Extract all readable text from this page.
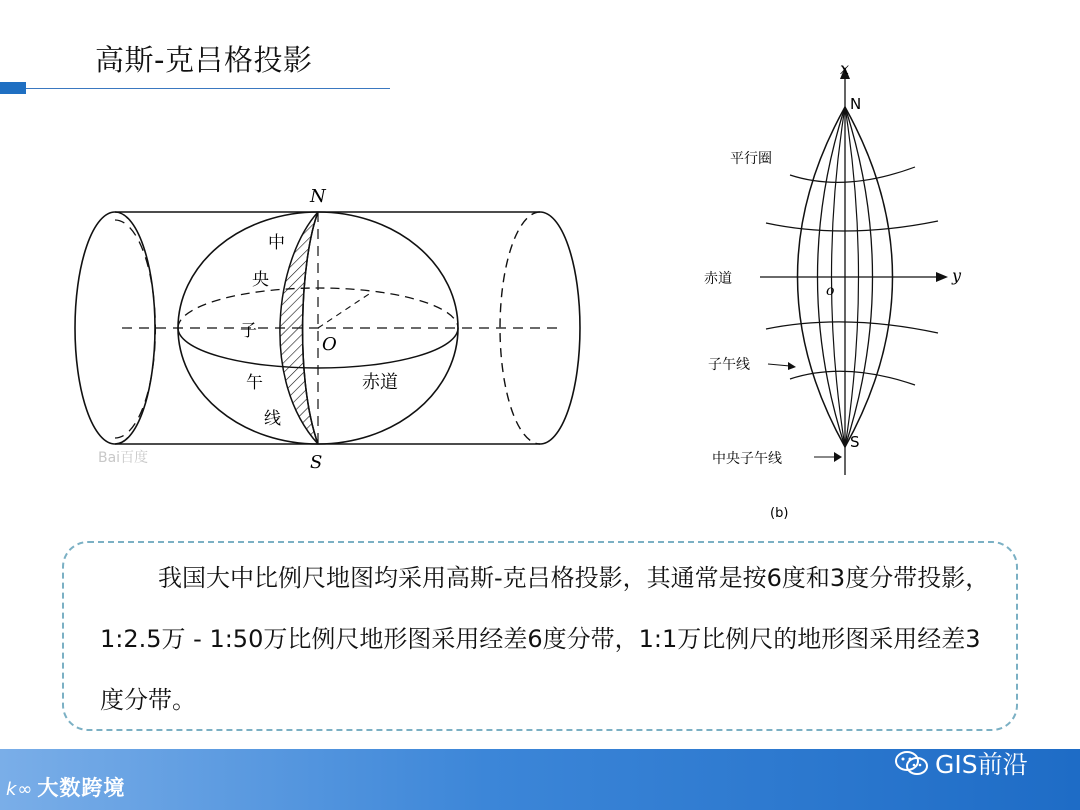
高斯-克吕格投影
N
S
O
中
央
子
午
线
赤道
Bai百度
x
y
N
S
o
平行圈
赤道
子午线
中央子午线
(b)

我国大中比例尺地图均采用高斯-克吕格投影，其通常是按6度和3度分带投影，1:2.5万 - 1:50万比例尺地形图采用经差6度分带，1:1万比例尺的地形图采用经差3度分带。

k∞ 大数跨境
GIS前沿
